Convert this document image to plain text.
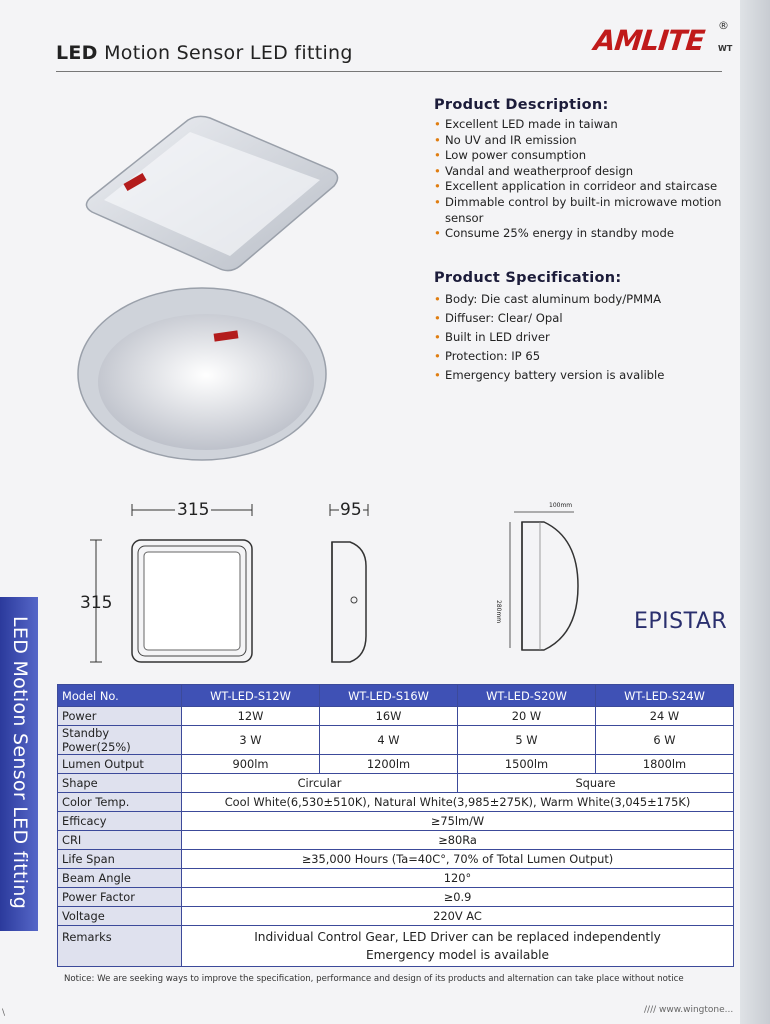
LED Motion Sensor LED fitting	AMLITE ®
WT
LED Motion Sensor LED fitting
315
315
95	100mm
280mm	EPISTAR
Product Description:
• Excellent LED made in taiwan
• No UV and IR emission
• Low power consumption
• Vandal and weatherproof design
• Excellent application in corrideor and staircase
• Dimmable control by built-in microwave motion sensor
• Consume 25% energy in standby mode
Product Specification:
• Body: Die cast aluminum body/PMMA
• Diffuser: Clear/ Opal
• Built in LED driver
• Protection: IP 65
• Emergency battery version is avalible
Model No.	WT-LED-S12W	WT-LED-S16W	WT-LED-S20W	WT-LED-S24W
Power	12W	16W	20 W	24 W
Standby Power(25%)	3 W	4 W	5 W	6 W
Lumen Output	900lm	1200lm	1500lm	1800lm
Shape	Circular		Square	
Color Temp.	Cool White(6,530±510K), Natural White(3,985±275K), Warm White(3,045±175K)			
Efficacy	≥75lm/W			
CRI	≥80Ra			
Life Span	≥35,000 Hours (Ta=40C°, 70% of Total Lumen Output)			
Beam Angle	120°			
Power Factor	≥0.9			
Voltage	220V AC			
Remarks	Individual Control Gear, LED Driver can be replaced independently
Emergency model is available			
Notice: We are seeking ways to improve the specification, performance and design of its products and alternation can take place without notice
\	//// www.wingtone...
